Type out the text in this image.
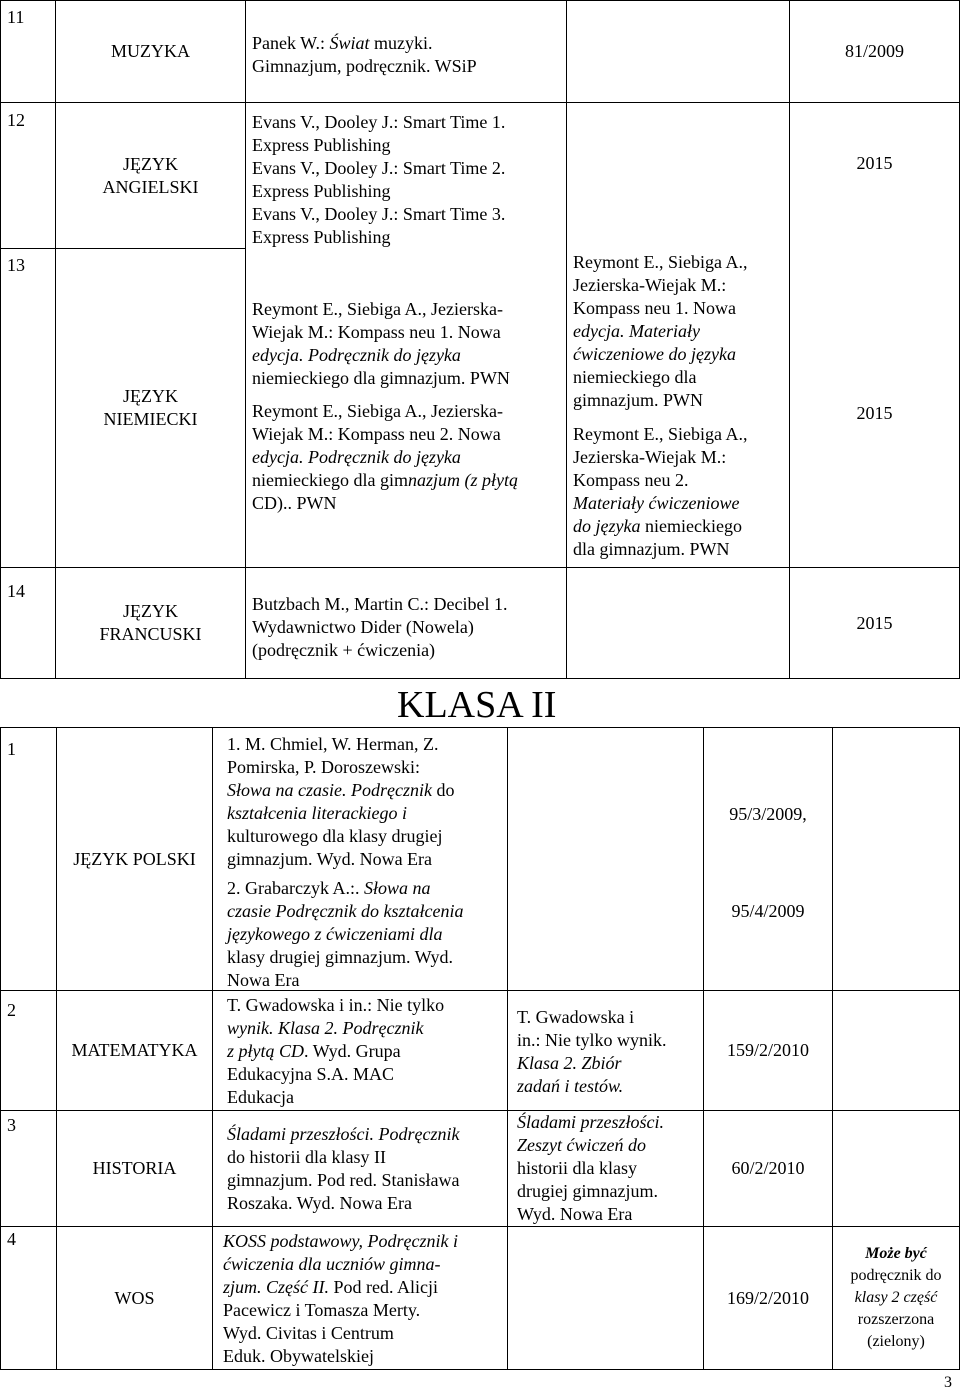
11
MUZYKA	Panek W.: Świat muzyki.
Gimnazjum, podręcznik. WSiP
81/2009
12
JĘZYK
ANGIELSKI
13
JĘZYK
NIEMIECKI
Evans V., Dooley J.: Smart Time 1.
Express Publishing
Evans V., Dooley J.: Smart Time 2.
Express Publishing
Evans V., Dooley J.: Smart Time 3.
Express Publishing
Reymont E., Siebiga A., Jezierska-
Wiejak M.: Kompass neu 1. Nowa
edycja. Podręcznik do języka
niemieckiego dla gimnazjum. PWN
Reymont E., Siebiga A., Jezierska-
Wiejak M.: Kompass neu 2. Nowa
edycja. Podręcznik do języka
niemieckiego dla gimnazjum (z płytą
CD).. PWN
Reymont E., Siebiga A.,
Jezierska-Wiejak M.:
Kompass neu 1. Nowa
edycja. Materiały
ćwiczeniowe do języka
niemieckiego dla
gimnazjum. PWN
Reymont E., Siebiga A.,
Jezierska-Wiejak M.:
Kompass neu 2.
Materiały ćwiczeniowe
do języka niemieckiego
dla gimnazjum. PWN
2015
2015
14
JĘZYK
FRANCUSKI
Butzbach M., Martin C.: Decibel 1.
Wydawnictwo Dider (Nowela)
(podręcznik + ćwiczenia)
2015
KLASA II
1
JĘZYK POLSKI
1. M. Chmiel, W. Herman, Z.
Pomirska, P. Doroszewski:
Słowa na czasie. Podręcznik do
kształcenia literackiego i
kulturowego dla klasy drugiej
gimnazjum. Wyd. Nowa Era
2. Grabarczyk A.:. Słowa na
czasie Podręcznik do kształcenia
językowego z ćwiczeniami dla
klasy drugiej gimnazjum. Wyd.
Nowa Era
95/3/2009,
95/4/2009
2
MATEMATYKA
T. Gwadowska i in.: Nie tylko
wynik. Klasa 2. Podręcznik
z płytą CD. Wyd. Grupa
Edukacyjna S.A. MAC
Edukacja
T. Gwadowska i
in.: Nie tylko wynik.
Klasa 2. Zbiór
zadań i testów.
159/2/2010
3
HISTORIA
Śladami przeszłości. Podręcznik
do historii dla klasy II
gimnazjum. Pod red. Stanisława
Roszaka. Wyd. Nowa Era
Śladami przeszłości.
Zeszyt ćwiczeń do
historii dla klasy
drugiej gimnazjum.
Wyd. Nowa Era
60/2/2010
4
WOS
KOSS podstawowy, Podręcznik i
ćwiczenia dla uczniów gimna-
zjum. Część II. Pod red. Alicji
Pacewicz i Tomasza Merty.
Wyd. Civitas i Centrum
Eduk. Obywatelskiej
169/2/2010
Może być
podręcznik do
klasy 2 część
rozszerzona
(zielony)
3
